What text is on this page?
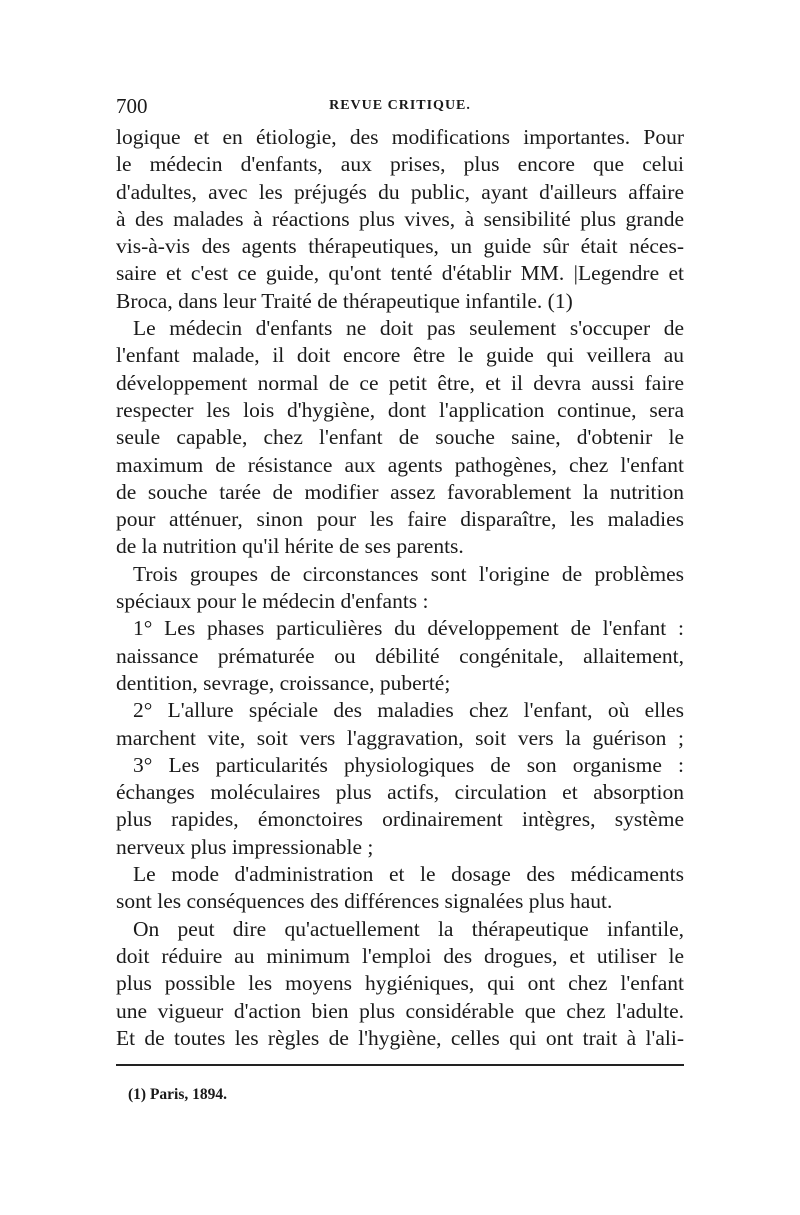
700	REVUE CRITIQUE.
logique et en étiologie, des modifications importantes. Pour
le médecin d'enfants, aux prises, plus encore que celui
d'adultes, avec les préjugés du public, ayant d'ailleurs affaire
à des malades à réactions plus vives, à sensibilité plus grande
vis-à-vis des agents thérapeutiques, un guide sûr était néces-
saire et c'est ce guide, qu'ont tenté d'établir MM. |Legendre et
Broca, dans leur Traité de thérapeutique infantile. (1)
Le médecin d'enfants ne doit pas seulement s'occuper de
l'enfant malade, il doit encore être le guide qui veillera au
développement normal de ce petit être, et il devra aussi faire
respecter les lois d'hygiène, dont l'application continue, sera
seule capable, chez l'enfant de souche saine, d'obtenir le
maximum de résistance aux agents pathogènes, chez l'enfant
de souche tarée de modifier assez favorablement la nutrition
pour atténuer, sinon pour les faire disparaître, les maladies
de la nutrition qu'il hérite de ses parents.
Trois groupes de circonstances sont l'origine de problèmes
spéciaux pour le médecin d'enfants :
1° Les phases particulières du développement de l'enfant :
naissance prématurée ou débilité congénitale, allaitement,
dentition, sevrage, croissance, puberté;
2° L'allure spéciale des maladies chez l'enfant, où elles
marchent vite, soit vers l'aggravation, soit vers la guérison ;
3° Les particularités physiologiques de son organisme :
échanges moléculaires plus actifs, circulation et absorption
plus rapides, émonctoires ordinairement intègres, système
nerveux plus impressionable ;
Le mode d'administration et le dosage des médicaments
sont les conséquences des différences signalées plus haut.
On peut dire qu'actuellement la thérapeutique infantile,
doit réduire au minimum l'emploi des drogues, et utiliser le
plus possible les moyens hygiéniques, qui ont chez l'enfant
une vigueur d'action bien plus considérable que chez l'adulte.
Et de toutes les règles de l'hygiène, celles qui ont trait à l'ali-
(1) Paris, 1894.
